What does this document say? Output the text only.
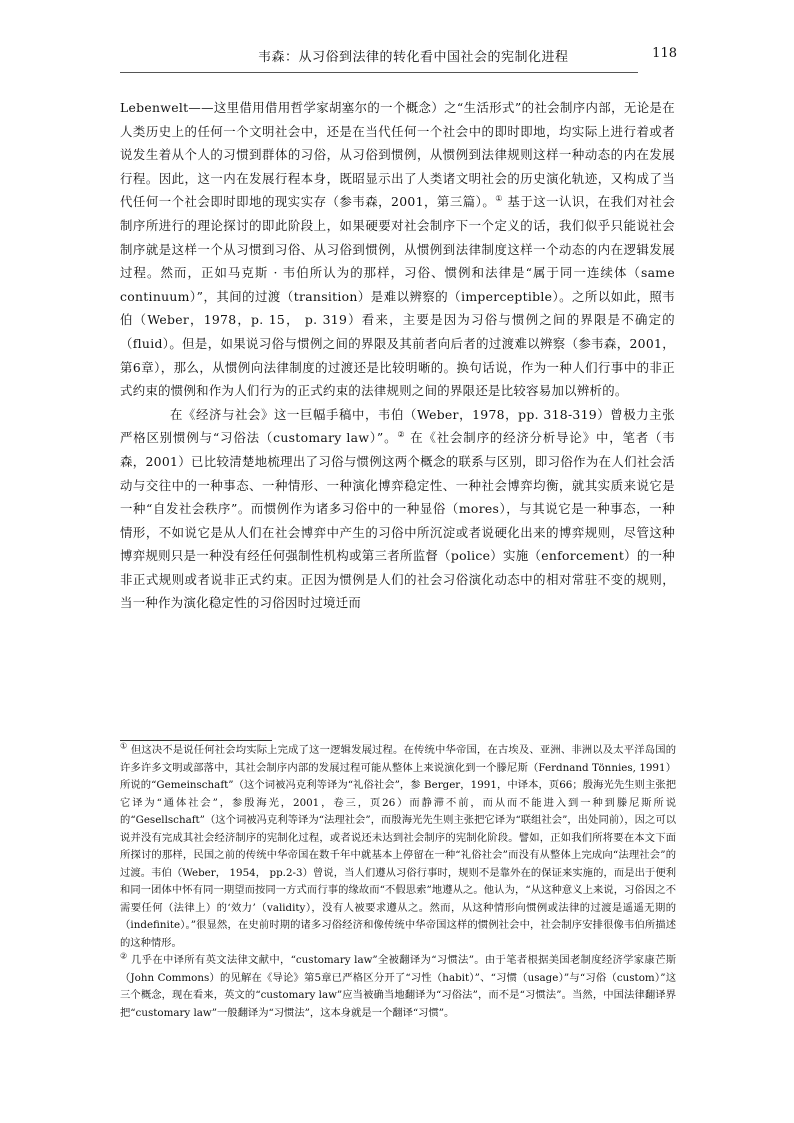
韦森：从习俗到法律的转化看中国社会的宪制化进程	118

Lebenwelt——这里借用借用哲学家胡塞尔的一个概念）之“生活形式”的社会制序内部，无论是在人类历史上的任何一个文明社会中，还是在当代任何一个社会中的即时即地，均实际上进行着或者说发生着从个人的习惯到群体的习俗，从习俗到惯例，从惯例到法律规则这样一种动态的内在发展行程。因此，这一内在发展行程本身，既昭显示出了人类诸文明社会的历史演化轨迹，又构成了当代任何一个社会即时即地的现实实存（参韦森，2001，第三篇）。① 基于这一认识，在我们对社会制序所进行的理论探讨的即此阶段上，如果硬要对社会制序下一个定义的话，我们似乎只能说社会制序就是这样一个从习惯到习俗、从习俗到惯例，从惯例到法律制度这样一个动态的内在逻辑发展过程。然而，正如马克斯 · 韦伯所认为的那样，习俗、惯例和法律是“属于同一连续体（same continuum）”，其间的过渡（transition）是难以辨察的（imperceptible）。之所以如此，照韦伯（Weber，1978，p. 15， p. 319）看来，主要是因为习俗与惯例之间的界限是不确定的（fluid）。但是，如果说习俗与惯例之间的界限及其前者向后者的过渡难以辨察（参韦森，2001，第6章），那么，从惯例向法律制度的过渡还是比较明晰的。换句话说，作为一种人们行事中的非正式约束的惯例和作为人们行为的正式约束的法律规则之间的界限还是比较容易加以辨析的。

在《经济与社会》这一巨幅手稿中，韦伯（Weber，1978，pp. 318-319）曾极力主张严格区别惯例与“习俗法（customary law）”。② 在《社会制序的经济分析导论》中，笔者（韦森，2001）已比较清楚地梳理出了习俗与惯例这两个概念的联系与区别，即习俗作为在人们社会活动与交往中的一种事态、一种情形、一种演化博弈稳定性、一种社会博弈均衡，就其实质来说它是一种“自发社会秩序”。而惯例作为诸多习俗中的一种显俗（mores），与其说它是一种事态，一种情形，不如说它是从人们在社会博弈中产生的习俗中所沉淀或者说硬化出来的博弈规则，尽管这种博弈规则只是一种没有经任何强制性机构或第三者所监督（police）实施（enforcement）的一种非正式规则或者说非正式约束。正因为惯例是人们的社会习俗演化动态中的相对常驻不变的规则，当一种作为演化稳定性的习俗因时过境迁而

① 但这决不是说任何社会均实际上完成了这一逻辑发展过程。在传统中华帝国，在古埃及、亚洲、非洲以及太平洋岛国的许多许多文明或部落中，其社会制序内部的发展过程可能从整体上来说演化到一个滕尼斯（Ferdnand Tönnies, 1991）所说的“Gemeinschaft”（这个词被冯克利等译为“礼俗社会”，参 Berger，1991，中译本，页66；殷海光先生则主张把它译为“通体社会”，参殷海光，2001，卷三，页26）而静滞不前，而从而不能进入到一种到滕尼斯所说的“Gesellschaft”（这个词被冯克利等译为“法理社会”，而殷海光先生则主张把它译为“联组社会”，出处同前），因之可以说并没有完成其社会经济制序的宪制化过程，或者说还未达到社会制序的宪制化阶段。譬如，正如我们所将要在本文下面所探讨的那样，民国之前的传统中华帝国在数千年中就基本上停留在一种“礼俗社会”而没有从整体上完成向“法理社会”的过渡。韦伯（Weber， 1954， pp.2-3）曾说，当人们遵从习俗行事时，规则不是靠外在的保证来实施的，而是出于便利和同一团体中怀有同一期望而按同一方式而行事的缘故而“不假思索”地遵从之。他认为，“从这种意义上来说，习俗因之不需要任何（法律上）的‘效力’（validity），没有人被要求遵从之。然而，从这种情形向惯例或法律的过渡是遥遥无期的（indefinite）。”很显然，在史前时期的诸多习俗经济和像传统中华帝国这样的惯例社会中，社会制序安排很像韦伯所描述的这种情形。

② 几乎在中译所有英文法律文献中，“customary law”全被翻译为“习惯法”。由于笔者根据美国老制度经济学家康芒斯（John Commons）的见解在《导论》第5章已严格区分开了“习性（habit）”、“习惯（usage）”与“习俗（custom）”这三个概念，现在看来，英文的“customary law”应当被确当地翻译为“习俗法”，而不是“习惯法”。当然，中国法律翻译界把“customary law”一般翻译为“习惯法”，这本身就是一个翻译“习惯”。
